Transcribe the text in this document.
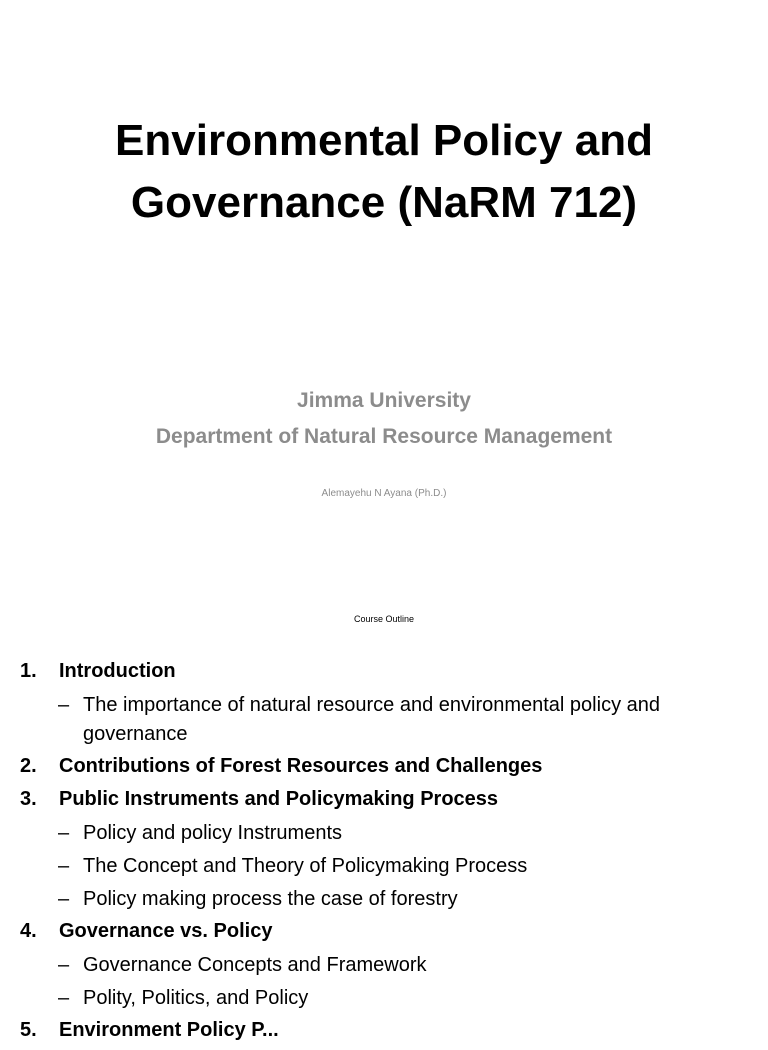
Environmental Policy and
Governance (NaRM 712)

Jimma University

Department of Natural Resource Management

Alemayehu N Ayana (Ph.D.)

Course Outline

1. Introduction
– The importance of natural resource and environmental policy and governance
2. Contributions of Forest Resources and Challenges
3. Public Instruments and Policymaking Process
– Policy and policy Instruments
– The Concept and Theory of Policymaking Process
– Policy making process the case of forestry
4. Governance vs. Policy
– Governance Concepts and Framework
– Polity, Politics, and Policy
5. Environment Policy P...
